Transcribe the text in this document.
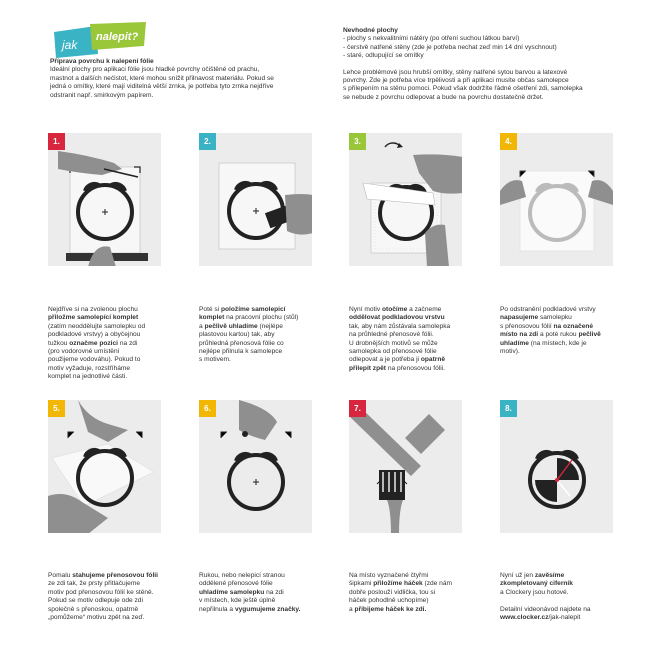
jak
nalepit?
Příprava povrchu k nalepení fólie
Ideální plochy pro aplikaci fólie jsou hladké povrchy očištěné od prachu,
mastnot a dalších nečistot, které mohou snížit přilnavost materiálu. Pokud se
jedná o omítky, které mají viditelná větší zrnka, je potřeba tyto zrnka nejdříve
odstranit např. smirkovým papírem.
Nevhodné plochy
- plochy s nekvalitními nátěry (po otření suchou látkou barví)
- čerstvě natřené stěny (zde je potřeba nechat zeď min 14 dní vyschnout)
- staré, odlupující se omítky
Lehce problémové jsou hrubší omítky, stěny natřené sytou barvou a latexové
povrchy. Zde je potřeba více trpělivosti a při aplikaci musíte občas samolepce
s přilepením na stěnu pomoci. Pokud však dodržíte řádné ošetření zdi, samolepka
se nebude z povrchu odlepovat a bude na povrchu dostatečně držet.
1.
Nejdříve si na zvolenou plochu
přiložme samolepící komplet
(zatím neoddělujte samolepku od
podkladové vrstvy) a obyčejnou
tužkou označme pozici na zdi
(pro vodorovné umístění
použijeme vodováhu). Pokud to
motiv vyžaduje, rozstříháme
komplet na jednotlivé části.
2.
Poté si položíme samolepicí
komplet na pracovní plochu (stůl)
a pečlivě uhladíme (nejlépe
plastovou kartou) tak, aby
průhledná přenosová fólie co
nejlépe přilnula k samolepce
s motivem.
3.
Nyní motiv otočíme a začneme
oddělovat podkladovou vrstvu
tak, aby nám zůstávala samolepka
na průhledné přenosové fólii.
U drobnějších motivů se může
samolepka od přenosové fólie
odlepovat a je potřeba ji opatrně
přilepit zpět na přenosovou fólii.
4.
Po odstranění podkladové vrstvy
napasujeme samolepku
s přenosovou fólií na označené
místo na zdi a poté rukou pečlivě
uhladíme (na místech, kde je
motiv).
5.
Pomalu stahujeme přenosovou fólii
ze zdi tak, že prsty přitlačujeme
motiv pod přenosovou fólií ke stěně.
Pokud se motiv odlepuje ode zdi
společně s přenoskou, opatrně
„pomůžeme“ motivu zpět na zeď.
6.
Rukou, nebo nelepicí stranou
oddělené přenosové fólie
uhladíme samolepku na zdi
v místech, kde ještě úplně
nepřilnula a vygumujeme značky.
7.
Na místo vyznačené čtyřmi
šipkami přiložíme háček (zde nám
dobře poslouží vidlička, tou si
háček pohodlně uchopíme)
a přibijeme háček ke zdi.
8.
Nyní už jen zavěsíme
zkompletovaný ciferník
a Clockery jsou hotové.

Detailní videonávod najdete na
www.clocker.cz/jak-nalepit
